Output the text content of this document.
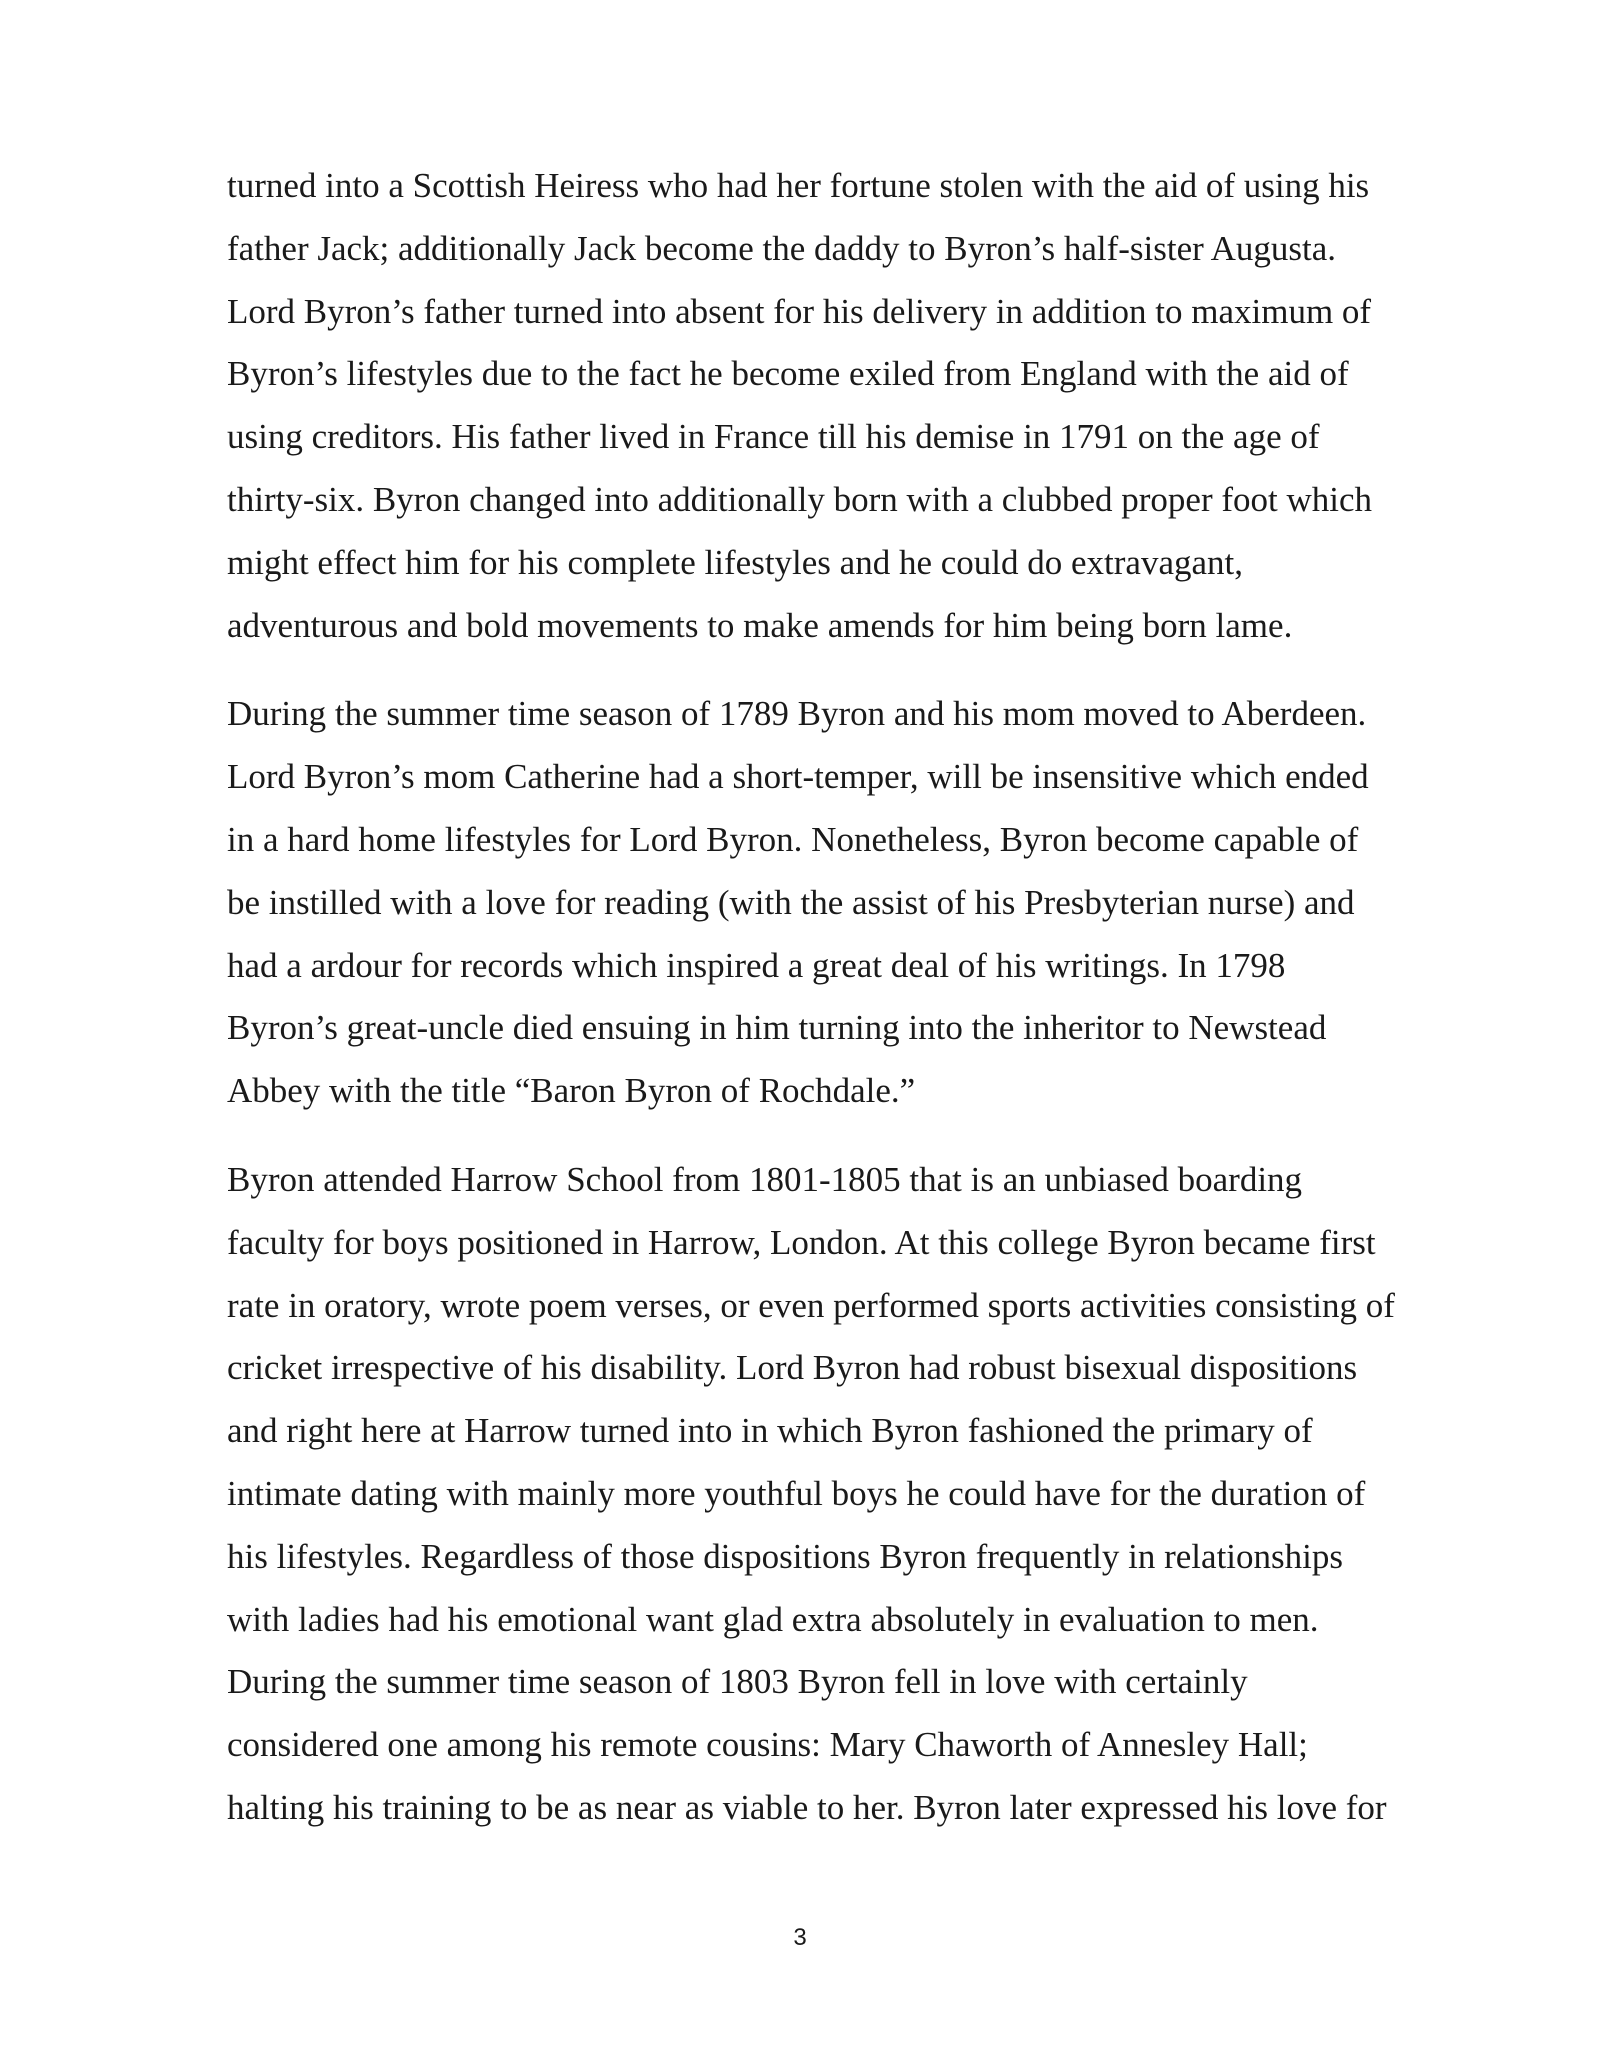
turned into a Scottish Heiress who had her fortune stolen with the aid of using his
father Jack; additionally Jack become the daddy to Byron’s half-sister Augusta.
Lord Byron’s father turned into absent for his delivery in addition to maximum of
Byron’s lifestyles due to the fact he become exiled from England with the aid of
using creditors. His father lived in France till his demise in 1791 on the age of
thirty-six. Byron changed into additionally born with a clubbed proper foot which
might effect him for his complete lifestyles and he could do extravagant,
adventurous and bold movements to make amends for him being born lame.
During the summer time season of 1789 Byron and his mom moved to Aberdeen.
Lord Byron’s mom Catherine had a short-temper, will be insensitive which ended
in a hard home lifestyles for Lord Byron. Nonetheless, Byron become capable of
be instilled with a love for reading (with the assist of his Presbyterian nurse) and
had a ardour for records which inspired a great deal of his writings. In 1798
Byron’s great-uncle died ensuing in him turning into the inheritor to Newstead
Abbey with the title “Baron Byron of Rochdale.”
Byron attended Harrow School from 1801-1805 that is an unbiased boarding
faculty for boys positioned in Harrow, London. At this college Byron became first
rate in oratory, wrote poem verses, or even performed sports activities consisting of
cricket irrespective of his disability. Lord Byron had robust bisexual dispositions
and right here at Harrow turned into in which Byron fashioned the primary of
intimate dating with mainly more youthful boys he could have for the duration of
his lifestyles. Regardless of those dispositions Byron frequently in relationships
with ladies had his emotional want glad extra absolutely in evaluation to men.
During the summer time season of 1803 Byron fell in love with certainly
considered one among his remote cousins: Mary Chaworth of Annesley Hall;
halting his training to be as near as viable to her. Byron later expressed his love for
3
